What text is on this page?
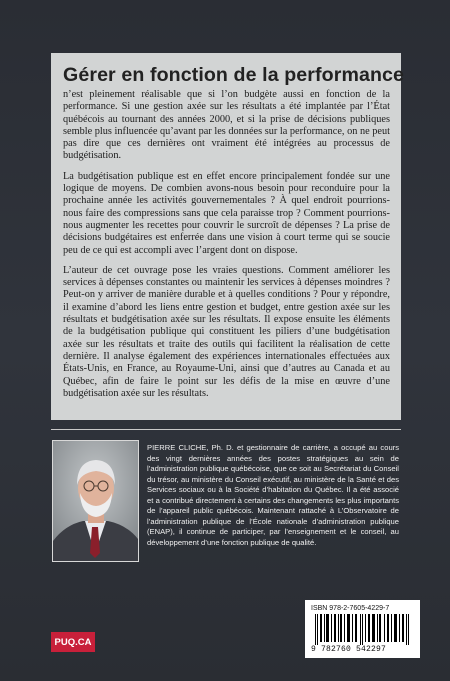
Gérer en fonction de la performance

n’est pleinement réalisable que si l’on budgète aussi en fonction de la performance. Si une gestion axée sur les résultats a été implantée par l’État québécois au tournant des années 2000, et si la prise de décisions publiques semble plus influencée qu’avant par les données sur la performance, on ne peut pas dire que ces dernières ont vraiment été intégrées au processus de budgétisation.

La budgétisation publique est en effet encore principalement fondée sur une logique de moyens. De combien avons-nous besoin pour reconduire pour la prochaine année les activités gouvernementales ? À quel endroit pourrions-nous faire des compressions sans que cela paraisse trop ? Comment pourrions-nous augmenter les recettes pour couvrir le surcroît de dépenses ? La prise de décisions budgétaires est enferrée dans une vision à court terme qui se soucie peu de ce qui est accompli avec l’argent dont on dispose.

L’auteur de cet ouvrage pose les vraies questions. Comment améliorer les services à dépenses constantes ou maintenir les services à dépenses moindres ? Peut-on y arriver de manière durable et à quelles conditions ? Pour y répondre, il examine d’abord les liens entre gestion et budget, entre gestion axée sur les résultats et budgétisation axée sur les résultats. Il expose ensuite les éléments de la budgétisation publique qui constituent les piliers d’une budgétisation axée sur les résultats et traite des outils qui facilitent la réalisation de cette dernière. Il analyse également des expériences internationales effectuées aux États-Unis, en France, au Royaume-Uni, ainsi que d’autres au Canada et au Québec, afin de faire le point sur les défis de la mise en œuvre d’une budgétisation axée sur les résultats.

PIERRE CLICHE, Ph. D. et gestionnaire de carrière, a occupé au cours des vingt dernières années des postes stratégiques au sein de l’administration publique québécoise, que ce soit au Secrétariat du Conseil du trésor, au ministère du Conseil exécutif, au ministère de la Santé et des Services sociaux ou à la Société d’habitation du Québec. Il a été associé et a contribué directement à certains des changements les plus importants de l’appareil public québécois. Maintenant rattaché à L’Observatoire de l’administration publique de l’École nationale d’administration publique (ENAP), il continue de participer, par l’enseignement et le conseil, au développement d’une fonction publique de qualité.

PUQ.CA

ISBN 978-2-7605-4229-7

9 782760 542297
